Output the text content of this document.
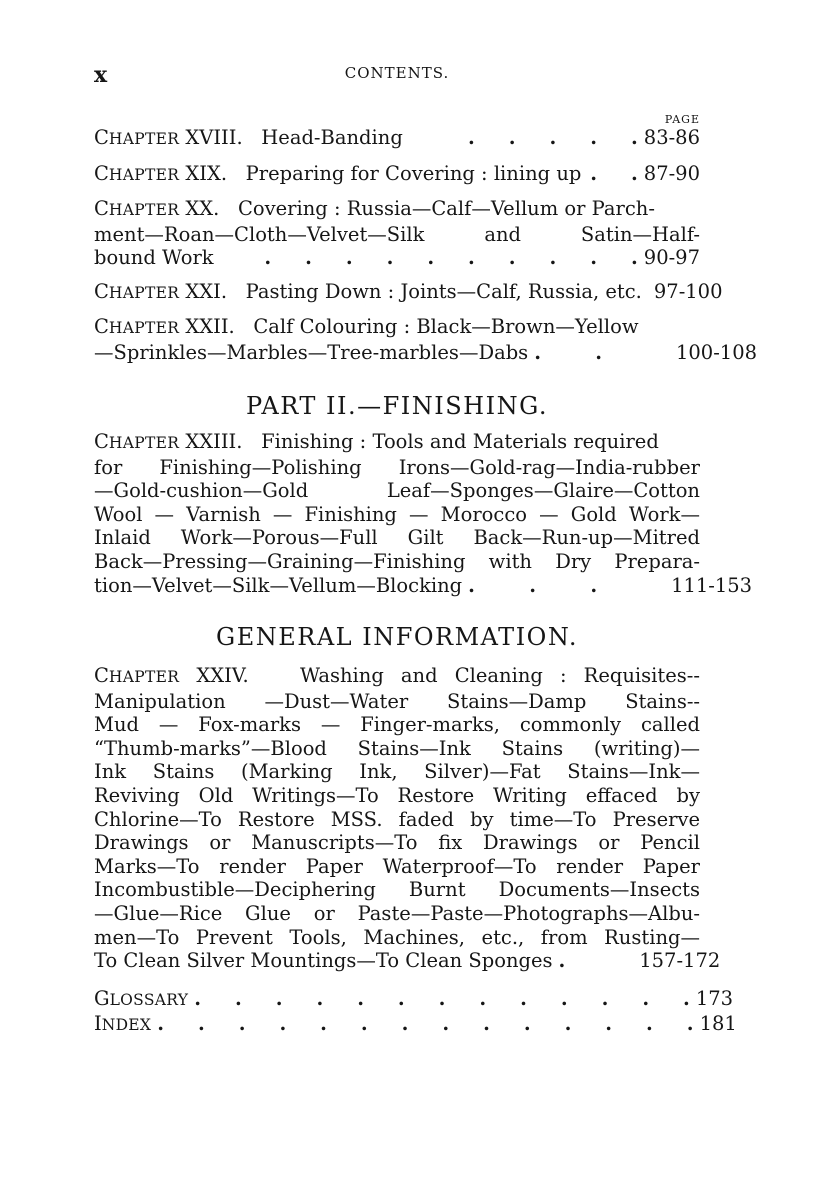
x	CONTENTS.
PAGE
CHAPTER XVIII. Head-Banding	.     .     .     .     . 83-86
CHAPTER XIX. Preparing for Covering : lining up .     . 87-90
CHAPTER XX. Covering : Russia—Calf—Vellum or Parch-
ment—Roan—Cloth—Velvet—Silk and Satin—Half-
bound Work	.     .     .     .     .     .     .     .     .     . 90-97
CHAPTER XXI. Pasting Down : Joints—Calf, Russia, etc. 97-100
CHAPTER XXII. Calf Colouring : Black—Brown—Yellow
—Sprinkles—Marbles—Tree-marbles—Dabs .        . 100-108
PART II.—FINISHING.
CHAPTER XXIII. Finishing : Tools and Materials required
for Finishing—Polishing Irons—Gold-rag—India-rubber
—Gold-cushion—Gold Leaf—Sponges—Glaire—Cotton
Wool — Varnish — Finishing — Morocco — Gold Work—
Inlaid Work—Porous—Full Gilt Back—Run-up—Mitred
Back—Pressing—Graining—Finishing with Dry Prepara-
tion—Velvet—Silk—Vellum—Blocking .        .        . 111-153
GENERAL INFORMATION.
CHAPTER XXIV.	Washing and Cleaning : Requisites--
Manipulation —Dust—Water Stains—Damp Stains--
Mud — Fox-marks — Finger-marks, commonly called
“Thumb-marks”—Blood Stains—Ink Stains (writing)—
Ink Stains (Marking Ink, Silver)—Fat Stains—Ink—
Reviving Old Writings—To Restore Writing effaced by
Chlorine—To Restore MSS. faded by time—To Preserve
Drawings or Manuscripts—To fix Drawings or Pencil
Marks—To render Paper Waterproof—To render Paper
Incombustible—Deciphering Burnt Documents—Insects
—Glue—Rice Glue or Paste—Paste—Photographs—Albu-
men—To Prevent Tools, Machines, etc., from Rusting—
To Clean Silver Mountings—To Clean Sponges . 157-172
GLOSSARY .     .     .     .     .     .     .     .     .     .     .     .     . 173
INDEX .     .     .     .     .     .     .     .     .     .     .     .     .     . 181
